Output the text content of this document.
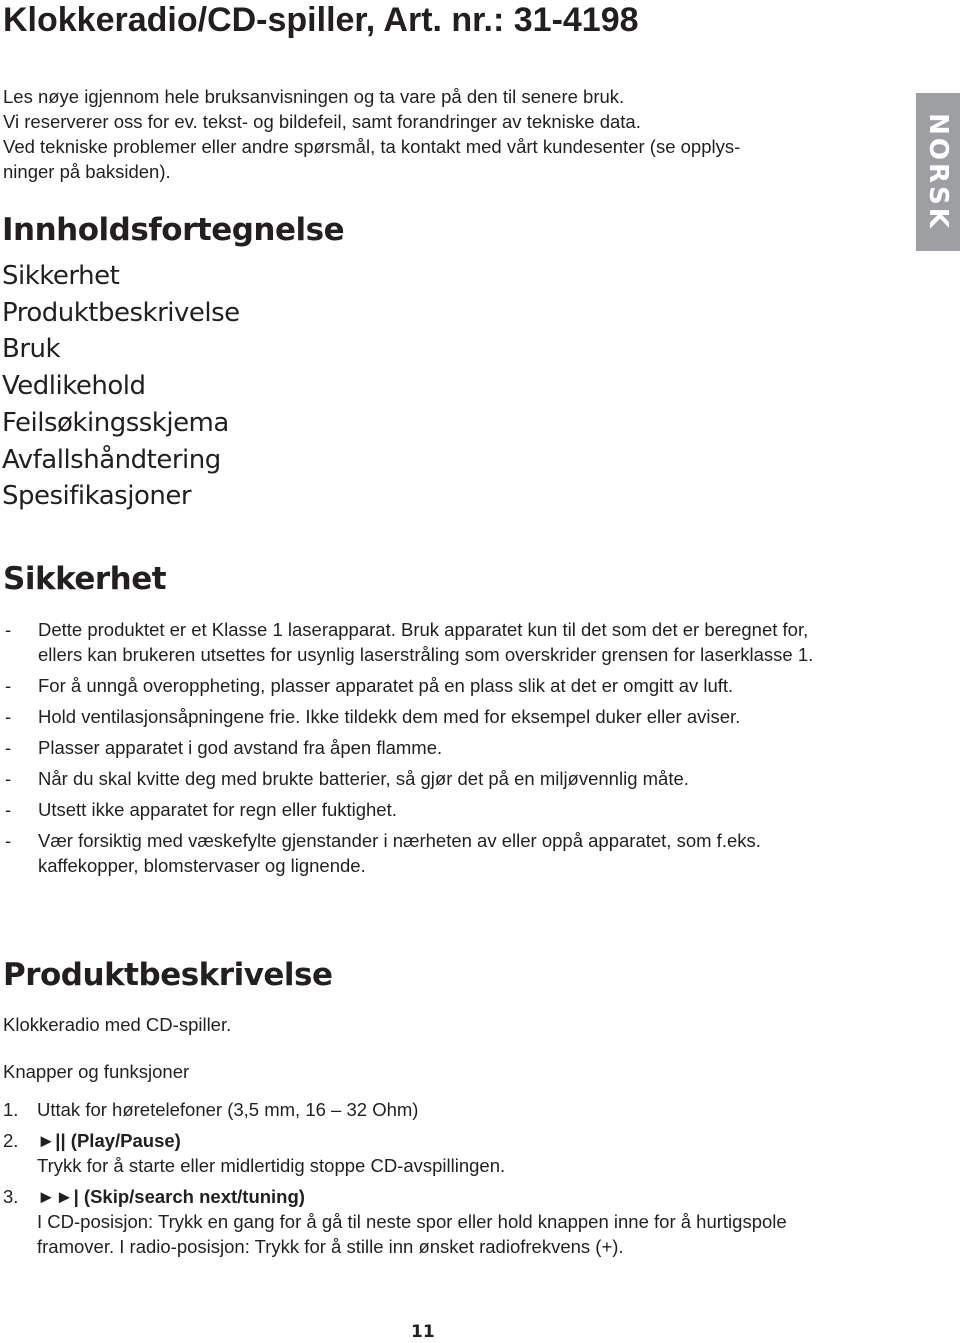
Klokkeradio/CD-spiller, Art. nr.: 31-4198
Les nøye igjennom hele bruksanvisningen og ta vare på den til senere bruk.
Vi reserverer oss for ev. tekst- og bildefeil, samt forandringer av tekniske data.
Ved tekniske problemer eller andre spørsmål, ta kontakt med vårt kundesenter (se opplys-
ninger på baksiden).	NORSK
Innholdsfortegnelse
Sikkerhet
Produktbeskrivelse
Bruk
Vedlikehold
Feilsøkingsskjema
Avfallshåndtering
Spesifikasjoner
Sikkerhet
- Dette produktet er et Klasse 1 laserapparat. Bruk apparatet kun til det som det er beregnet for, ellers kan brukeren utsettes for usynlig laserstråling som overskrider grensen for laserklasse 1.
- For å unngå overoppheting, plasser apparatet på en plass slik at det er omgitt av luft.
- Hold ventilasjonsåpningene frie. Ikke tildekk dem med for eksempel duker eller aviser.
- Plasser apparatet i god avstand fra åpen flamme.
- Når du skal kvitte deg med brukte batterier, så gjør det på en miljøvennlig måte.
- Utsett ikke apparatet for regn eller fuktighet.
- Vær forsiktig med væskefylte gjenstander i nærheten av eller oppå apparatet, som f.eks. kaffekopper, blomstervaser og lignende.
Produktbeskrivelse
Klokkeradio med CD-spiller.
Knapper og funksjoner
1. Uttak for høretelefoner (3,5 mm, 16 – 32 Ohm)
2. ►|| (Play/Pause)
Trykk for å starte eller midlertidig stoppe CD-avspillingen.
3. ►►| (Skip/search next/tuning)
I CD-posisjon: Trykk en gang for å gå til neste spor eller hold knappen inne for å hurtigspole framover. I radio-posisjon: Trykk for å stille inn ønsket radiofrekvens (+).
11
